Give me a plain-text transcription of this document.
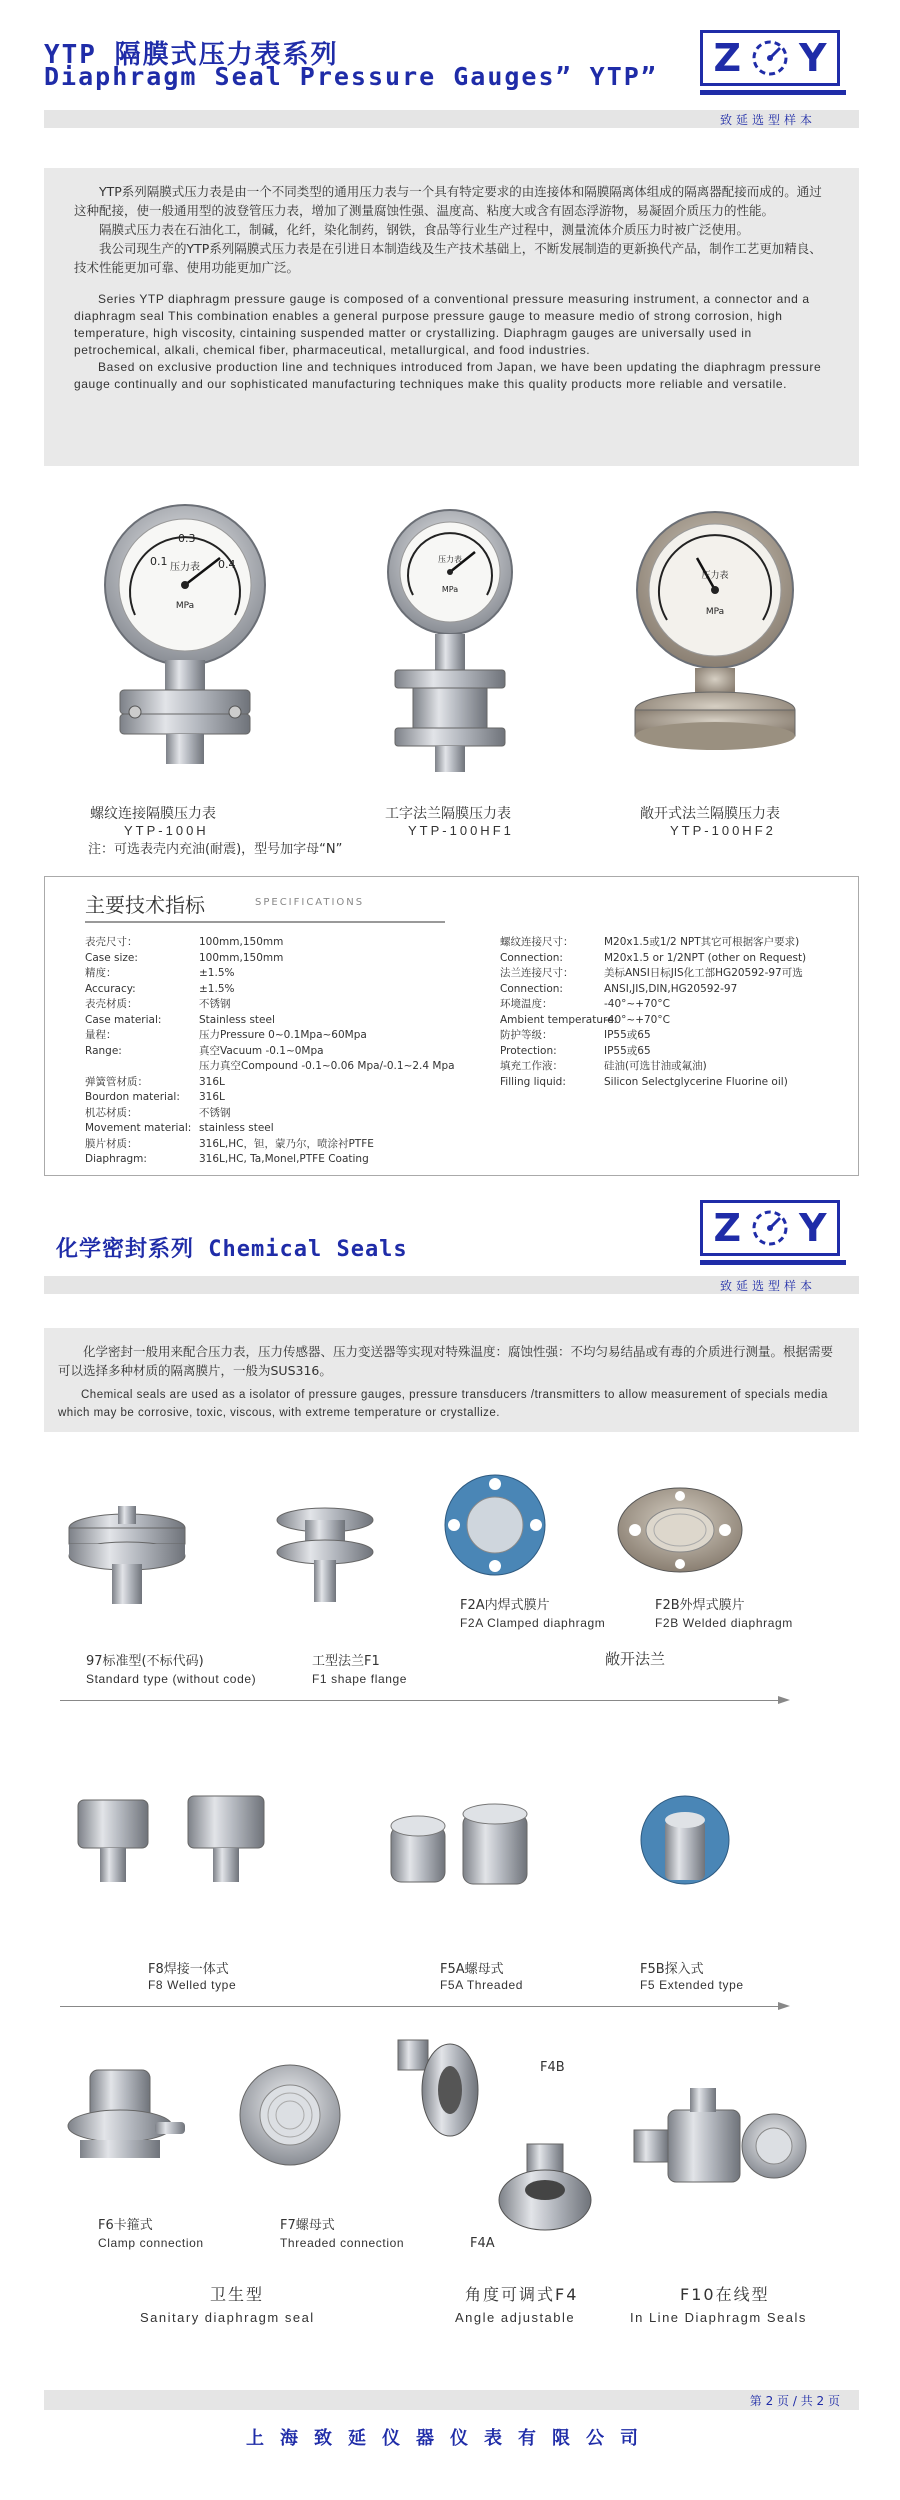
YTP 隔膜式压力表系列
Diaphragm Seal Pressure Gauges” YTP” Z Y
致延选型样本

YTP系列隔膜式压力表是由一个不同类型的通用压力表与一个具有特定要求的由连接体和隔膜隔离体组成的隔离器配接而成的。通过这种配接，使一般通用型的波登管压力表，增加了测量腐蚀性强、温度高、粘度大或含有固态浮游物，易凝固介质压力的性能。

隔膜式压力表在石油化工，制碱，化纤，染化制药，钢铁，食品等行业生产过程中，测量流体介质压力时被广泛使用。

我公司现生产的YTP系列隔膜式压力表是在引进日本制造线及生产技术基础上，不断发展制造的更新换代产品，制作工艺更加精良、技术性能更加可靠、使用功能更加广泛。

Series YTP diaphragm pressure gauge is composed of a conventional pressure measuring instrument, a connector and a diaphragm seal This combination enables a general purpose pressure gauge to measure medio of strong corrosion, high temperature, high viscosity, cintaining suspended matter or crystallizing. Diaphragm gauges are universally used in petrochemical, alkali, chemical fiber, pharmaceutical, metallurgical, and food industries.

Based on exclusive production line and techniques introduced from Japan, we have been updating the diaphragm pressure gauge continually and our sophisticated manufacturing techniques make this quality products more reliable and versatile.

压力表
MPa
0.1
0.3
0.4
螺纹连接隔膜压力表
YTP-100H
压力表
MPa
工字法兰隔膜压力表
YTP-100HF1
压力表
MPa
敞开式法兰隔膜压力表
YTP-100HF2
注：可选表壳内充油(耐震)，型号加字母“N”
主要技术指标	SPECIFICATIONS
表壳尺寸：	100mm,150mm
Case size:	100mm,150mm
精度：	±1.5%
Accuracy:	±1.5%
表壳材质：	不锈钢
Case material:	Stainless steel
量程：	压力Pressure 0~0.1Mpa~60Mpa
Range:	真空Vacuum -0.1~0Mpa
压力真空Compound -0.1~0.06 Mpa/-0.1~2.4 Mpa
弹簧管材质：	316L
Bourdon material:	316L
机芯材质：	不锈钢
Movement material: stainless steel
膜片材质：	316L,HC，钽，蒙乃尔，喷涂衬PTFE
Diaphragm:	316L,HC, Ta,Monel,PTFE Coating
螺纹连接尺寸：	M20x1.5或1/2 NPT其它可根据客户要求)
Connection:	M20x1.5 or 1/2NPT (other on Request)
法兰连接尺寸：	美标ANSI日标JIS化工部HG20592-97可选
Connection:	ANSI,JIS,DIN,HG20592-97
环境温度：	-40°~+70°C
Ambient temperature:
-40°~+70°C
防护等级：	IP55或65
Protection:	IP55或65
填充工作液：	硅油(可选甘油或氟油)
Filling liquid:	Silicon Selectglycerine Fluorine oil)
化学密封系列 Chemical Seals	Z Y
致延选型样本

化学密封一般用来配合压力表，压力传感器、压力变送器等实现对特殊温度：腐蚀性强：不均匀易结晶或有毒的介质进行测量。根据需要可以选择多种材质的隔离膜片，一般为SUS316。

Chemical seals are used as a isolator of pressure gauges, pressure transducers /transmitters to allow measurement of specials media which may be corrosive, toxic, viscous, with extreme temperature or crystallize.

97标准型(不标代码)
Standard type (without code)
工型法兰F1
F1 shape flange
F2A内焊式膜片
F2A Clamped diaphragm
F2B外焊式膜片
F2B Welded diaphragm
敞开法兰
F8焊接一体式
F8 Welled type
F5A螺母式
F5A Threaded
F5B探入式
F5 Extended type
F4B
F4A
F6卡箍式
Clamp connection
F7螺母式
Threaded connection
卫生型
Sanitary diaphragm seal
角度可调式F4
Angle adjustable
F10在线型
In Line Diaphragm Seals
第 2 页 / 共 2 页
上海致延仪器仪表有限公司
